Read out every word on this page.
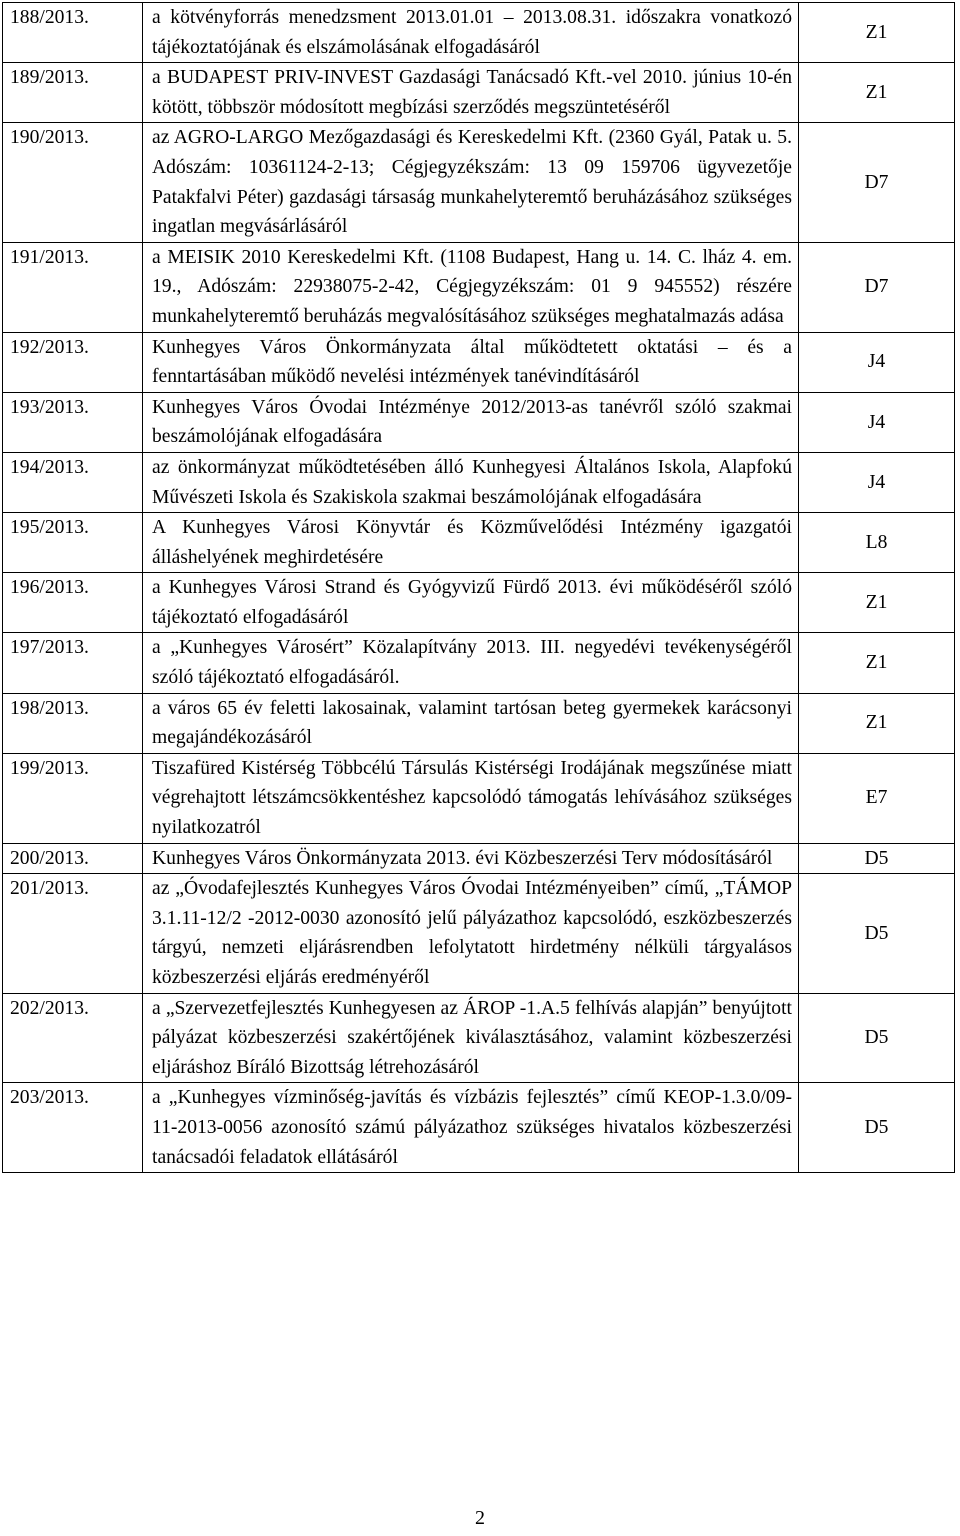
188/2013.	a kötvényforrás menedzsment 2013.01.01 – 2013.08.31. időszakra vonatkozó tájékoztatójának és elszámolásának elfogadásáról	Z1
189/2013.	a BUDAPEST PRIV-INVEST Gazdasági Tanácsadó Kft.-vel 2010. június 10-én kötött, többször módosított megbízási szerződés megszüntetéséről	Z1
190/2013.	az AGRO-LARGO Mezőgazdasági és Kereskedelmi Kft. (2360 Gyál, Patak u. 5. Adószám: 10361124-2-13; Cégjegyzékszám: 13 09 159706 ügyvezetője Patakfalvi Péter) gazdasági társaság munkahelyteremtő beruházásához szükséges ingatlan megvásárlásáról	D7
191/2013.	a MEISIK 2010 Kereskedelmi Kft. (1108 Budapest, Hang u. 14. C. lház 4. em. 19., Adószám: 22938075-2-42, Cégjegyzékszám: 01 9 945552) részére munkahelyteremtő beruházás megvalósításához szükséges meghatalmazás adása	D7
192/2013.	Kunhegyes Város Önkormányzata által működtetett oktatási – és a fenntartásában működő nevelési intézmények tanévindításáról	J4
193/2013.	Kunhegyes Város Óvodai Intézménye 2012/2013-as tanévről szóló szakmai beszámolójának elfogadására	J4
194/2013.	az önkormányzat működtetésében álló Kunhegyesi Általános Iskola, Alapfokú Művészeti Iskola és Szakiskola szakmai beszámolójának elfogadására	J4
195/2013.	A Kunhegyes Városi Könyvtár és Közművelődési Intézmény igazgatói álláshelyének meghirdetésére	L8
196/2013.	a Kunhegyes Városi Strand és Gyógyvizű Fürdő 2013. évi működéséről szóló tájékoztató elfogadásáról	Z1
197/2013.	a „Kunhegyes Városért” Közalapítvány 2013. III. negyedévi tevékenységéről szóló tájékoztató elfogadásáról.	Z1
198/2013.	a város 65 év feletti lakosainak, valamint tartósan beteg gyermekek karácsonyi megajándékozásáról	Z1
199/2013.	Tiszafüred Kistérség Többcélú Társulás Kistérségi Irodájának megszűnése miatt végrehajtott létszámcsökkentéshez kapcsolódó támogatás lehívásához szükséges nyilatkozatról	E7
200/2013.	Kunhegyes Város Önkormányzata 2013. évi Közbeszerzési Terv módosításáról	D5
201/2013.	az „Óvodafejlesztés Kunhegyes Város Óvodai Intézményeiben” című, „TÁMOP 3.1.11-12/2 -2012-0030 azonosító jelű pályázathoz kapcsolódó, eszközbeszerzés tárgyú, nemzeti eljárásrendben lefolytatott hirdetmény nélküli tárgyalásos közbeszerzési eljárás eredményéről	D5
202/2013.	a „Szervezetfejlesztés Kunhegyesen az ÁROP -1.A.5 felhívás alapján” benyújtott pályázat közbeszerzési szakértőjének kiválasztásához, valamint közbeszerzési eljáráshoz Bíráló Bizottság létrehozásáról	D5
203/2013.	a „Kunhegyes vízminőség-javítás és vízbázis fejlesztés” című KEOP-1.3.0/09-11-2013-0056 azonosító számú pályázathoz szükséges hivatalos közbeszerzési tanácsadói feladatok ellátásáról	D5
2
